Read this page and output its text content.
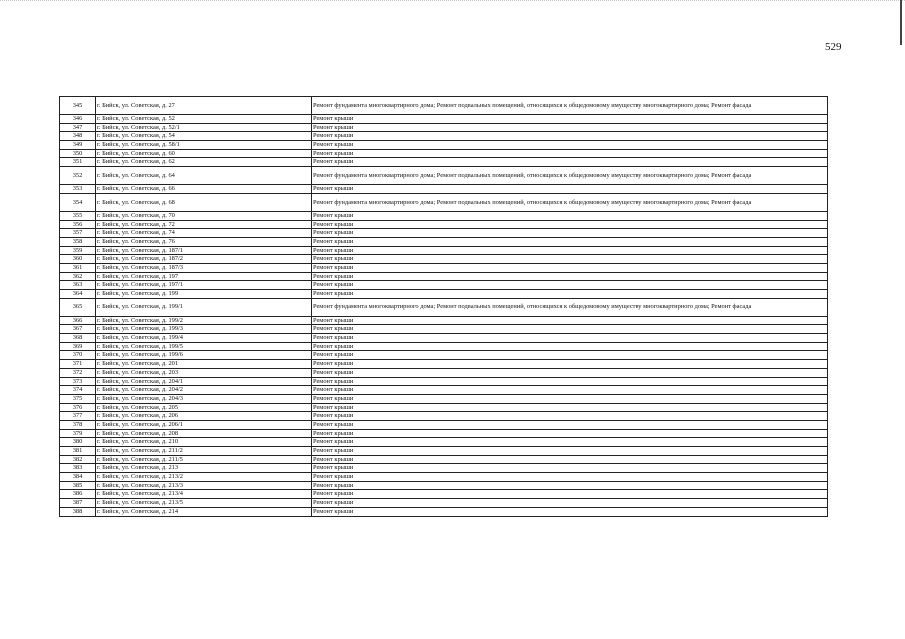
529
345	г. Бийск, ул. Советская, д. 27	Ремонт фундамента многоквартирного дома; Ремонт подвальных помещений, относящихся к общедомовому имуществу многоквартирного дома; Ремонт фасада
346	г. Бийск, ул. Советская, д. 52	Ремонт крыши
347	г. Бийск, ул. Советская, д. 52/1	Ремонт крыши
348	г. Бийск, ул. Советская, д. 54	Ремонт крыши
349	г. Бийск, ул. Советская, д. 58/1	Ремонт крыши
350	г. Бийск, ул. Советская, д. 60	Ремонт крыши
351	г. Бийск, ул. Советская, д. 62	Ремонт крыши
352	г. Бийск, ул. Советская, д. 64	Ремонт фундамента многоквартирного дома; Ремонт подвальных помещений, относящихся к общедомовому имуществу многоквартирного дома; Ремонт фасада
353	г. Бийск, ул. Советская, д. 66	Ремонт крыши
354	г. Бийск, ул. Советская, д. 68	Ремонт фундамента многоквартирного дома; Ремонт подвальных помещений, относящихся к общедомовому имуществу многоквартирного дома; Ремонт фасада
355	г. Бийск, ул. Советская, д. 70	Ремонт крыши
356	г. Бийск, ул. Советская, д. 72	Ремонт крыши
357	г. Бийск, ул. Советская, д. 74	Ремонт крыши
358	г. Бийск, ул. Советская, д. 76	Ремонт крыши
359	г. Бийск, ул. Советская, д. 187/1	Ремонт крыши
360	г. Бийск, ул. Советская, д. 187/2	Ремонт крыши
361	г. Бийск, ул. Советская, д. 187/3	Ремонт крыши
362	г. Бийск, ул. Советская, д. 197	Ремонт крыши
363	г. Бийск, ул. Советская, д. 197/1	Ремонт крыши
364	г. Бийск, ул. Советская, д. 199	Ремонт крыши
365	г. Бийск, ул. Советская, д. 199/1	Ремонт фундамента многоквартирного дома; Ремонт подвальных помещений, относящихся к общедомовому имуществу многоквартирного дома; Ремонт фасада
366	г. Бийск, ул. Советская, д. 199/2	Ремонт крыши
367	г. Бийск, ул. Советская, д. 199/3	Ремонт крыши
368	г. Бийск, ул. Советская, д. 199/4	Ремонт крыши
369	г. Бийск, ул. Советская, д. 199/5	Ремонт крыши
370	г. Бийск, ул. Советская, д. 199/6	Ремонт крыши
371	г. Бийск, ул. Советская, д. 201	Ремонт крыши
372	г. Бийск, ул. Советская, д. 203	Ремонт крыши
373	г. Бийск, ул. Советская, д. 204/1	Ремонт крыши
374	г. Бийск, ул. Советская, д. 204/2	Ремонт крыши
375	г. Бийск, ул. Советская, д. 204/3	Ремонт крыши
376	г. Бийск, ул. Советская, д. 205	Ремонт крыши
377	г. Бийск, ул. Советская, д. 206	Ремонт крыши
378	г. Бийск, ул. Советская, д. 206/1	Ремонт крыши
379	г. Бийск, ул. Советская, д. 208	Ремонт крыши
380	г. Бийск, ул. Советская, д. 210	Ремонт крыши
381	г. Бийск, ул. Советская, д. 211/2	Ремонт крыши
382	г. Бийск, ул. Советская, д. 211/5	Ремонт крыши
383	г. Бийск, ул. Советская, д. 213	Ремонт крыши
384	г. Бийск, ул. Советская, д. 213/2	Ремонт крыши
385	г. Бийск, ул. Советская, д. 213/3	Ремонт крыши
386	г. Бийск, ул. Советская, д. 213/4	Ремонт крыши
387	г. Бийск, ул. Советская, д. 213/5	Ремонт крыши
388	г. Бийск, ул. Советская, д. 214	Ремонт крыши
